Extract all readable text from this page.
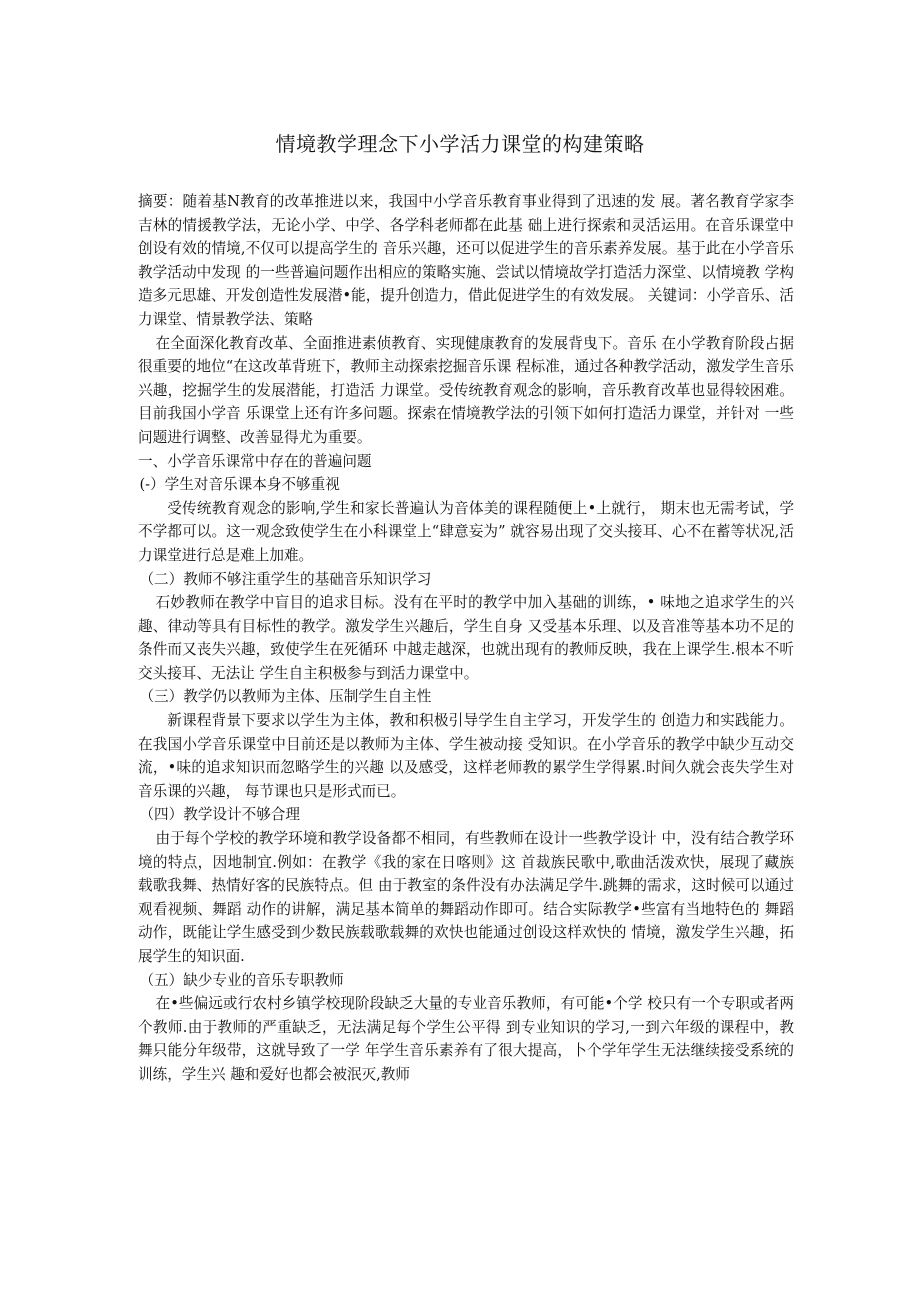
情境教学理念下小学活力课堂的构建策略

摘要：随着基N教育的改革推进以来，我国中小学音乐教育事业得到了迅速的发 展。著名教育学家李吉林的情援教学法，无论小学、中学、各学科老师都在此基 础上进行探索和灵活运用。在音乐课堂中创设有效的情境,不仅可以提高学生的 音乐兴趣，还可以促进学生的音乐素养发展。基于此在小学音乐教学活动中发现 的一些普遍问题作出相应的策略实施、尝试以情境故学打造活力深堂、以情境教 学构造多元思雄、开发创造性发展潜•能，提升创造力，借此促进学生的有效发展。 关键词：小学音乐、活力课堂、情景教学法、策略

在全面深化教育改革、全面推进素侦教育、实现健康教育的发展背曳下。音乐 在小学教育阶段占据很重要的地位“在这改革背班下，教师主动探索挖掘音乐课 程标准，通过各种教学活动，激发学生音乐兴趣，挖掘学生的发展潜能，打造活 力课堂。受传统教育观念的影响，音乐教育改革也显得较困难。目前我国小学音 乐课堂上还有许多问题。探索在情境教学法的引领下如何打造活力课堂，并针对 一些问题进行调整、改善显得尤为重要。

一、小学音乐课常中存在的普遍问题

(-）学生对音乐课本身不够重视

受传统教育观念的影响,学生和家长普遍认为音体美的课程随便上•上就行， 期末也无需考试，学不学都可以。这一观念致使学生在小科课堂上“肆意妄为” 就容易出现了交头接耳、心不在蓄等状况,活力课堂进行总是难上加难。

（二）教师不够注重学生的基础音乐知识学习

石妙教师在教学中盲目的追求目标。没有在平时的教学中加入基础的训练，• 味地之追求学生的兴趣、律动等具有目标性的教学。激发学生兴趣后，学生自身 又受基本乐理、以及音准等基本功不足的条件而又丧失兴趣，致使学生在死循环 中越走越深，也就出现有的教师反映，我在上课学生.根本不听交头接耳、无法让 学生自主积极参与到活力课堂中。

（三）教学仍以教师为主体、压制学生自主性

新课程背景下要求以学生为主体，教和积极引导学生自主学习，开发学生的 创造力和实践能力。在我国小学音乐课堂中目前还是以教师为主体、学生被动接 受知识。在小学音乐的教学中缺少互动交流，•味的追求知识而忽略学生的兴趣 以及感受，这样老师教的累学生学得累.时间久就会丧失学生对音乐课的兴趣， 每节课也只是形式而已。

（四）教学设计不够合理

由于每个学校的教学环境和教学设备都不相同，有些教师在设计一些教学设计 中，没有结合教学环境的特点，因地制宜.例如：在教学《我的家在日喀则》这 首裁族民歌中,歌曲活泼欢快，展现了藏族载歌我舞、热情好客的民族特点。但 由于教室的条件没有办法满足学牛.跳舞的需求，这时候可以通过观看视频、舞蹈 动作的讲解，满足基本简单的舞蹈动作即可。结合实际教学•些富有当地特色的 舞蹈动作，既能让学生感受到少数民族载歌载舞的欢快也能通过创设这样欢快的 情境，激发学生兴趣，拓展学生的知识面.

（五）缺少专业的音乐专职教师

在•些偏远或行农村乡镇学校现阶段缺乏大量的专业音乐教师，有可能•个学 校只有一个专职或者两个教师.由于教师的严重缺乏，无法满足每个学生公平得 到专业知识的学习,一到六年级的课程中，教舞只能分年级带，这就导致了一学 年学生音乐素养有了很大提高，卜个学年学生无法继续接受系统的训练，学生兴 趣和爱好也都会被泯灭,教师
